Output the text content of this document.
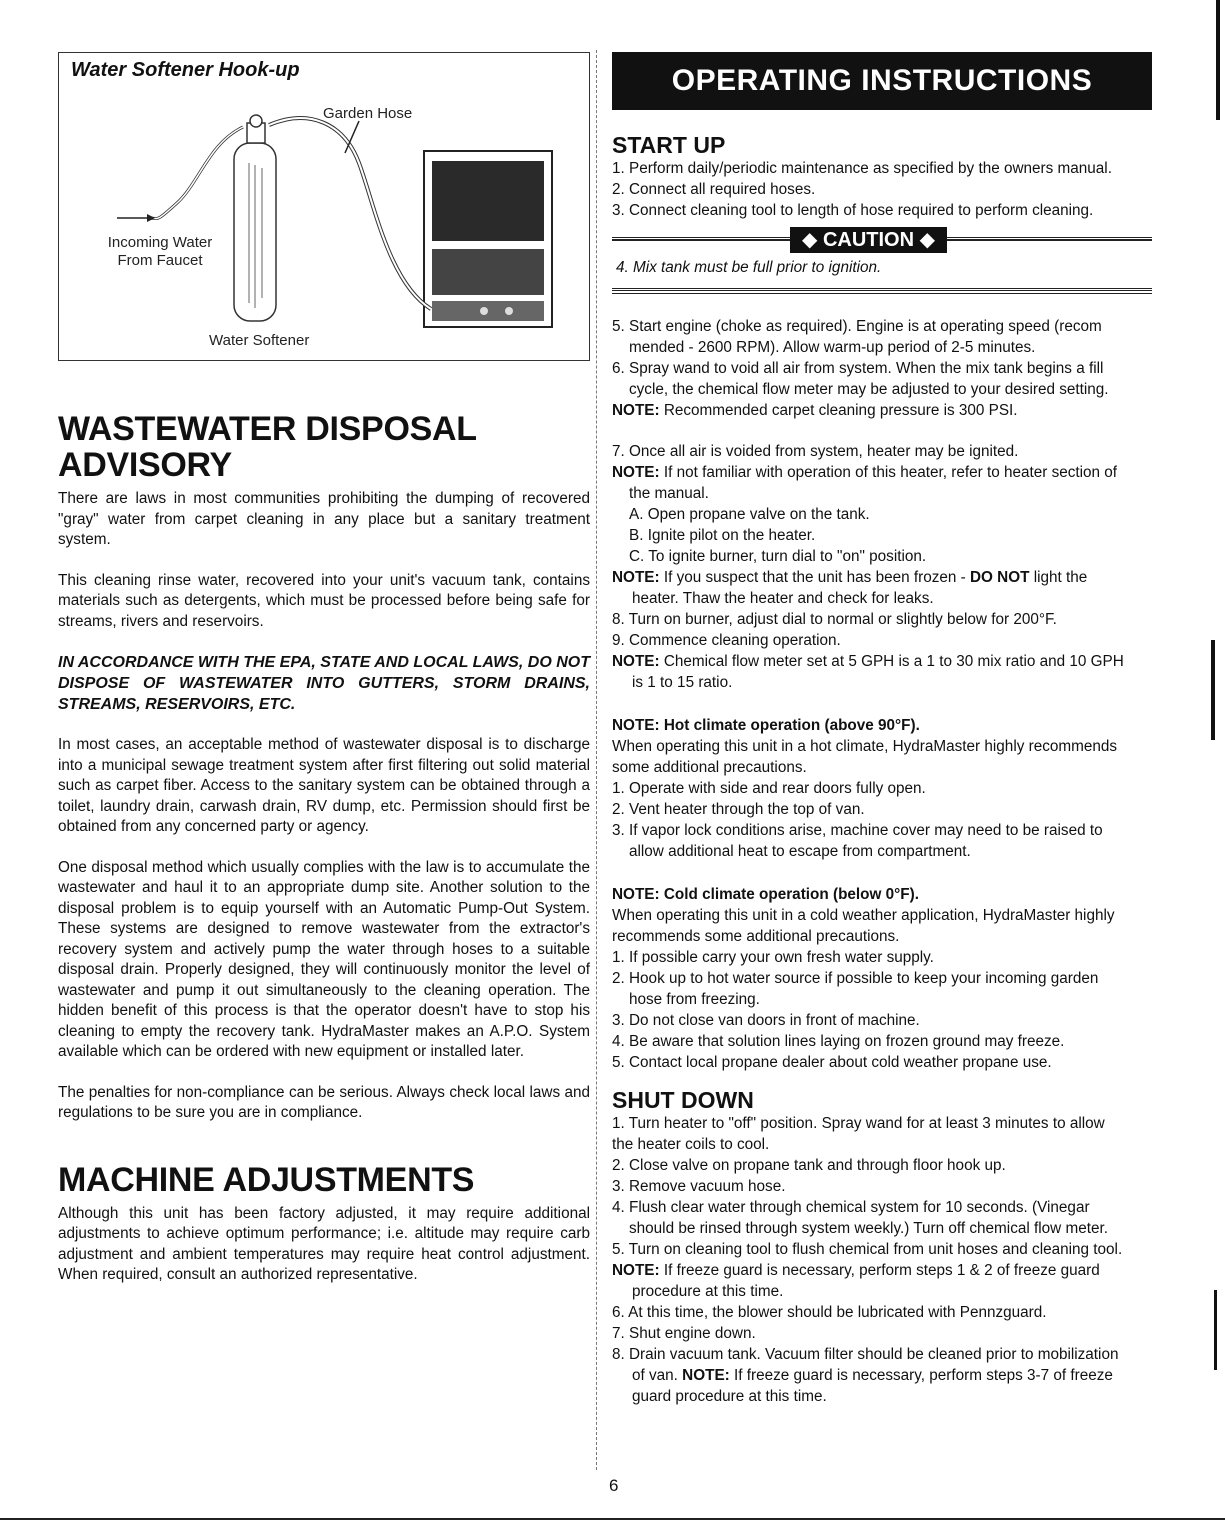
Water Softener Hook-up
Garden Hose
Incoming Water
From Faucet
Water Softener
WASTEWATER DISPOSAL
ADVISORY

There are laws in most communities prohibiting the dumping of recovered "gray" water from carpet cleaning in any place but a sanitary treatment system.

This cleaning rinse water, recovered into your unit's vacuum tank, contains materials such as detergents, which must be processed before being safe for streams, rivers and reservoirs.

IN ACCORDANCE WITH THE EPA, STATE AND LOCAL LAWS, DO NOT DISPOSE OF WASTEWATER INTO GUTTERS, STORM DRAINS, STREAMS, RESERVOIRS, ETC.

In most cases, an acceptable method of wastewater disposal is to discharge into a municipal sewage treatment system after first filtering out solid material such as carpet fiber. Access to the sanitary system can be obtained through a toilet, laundry drain, carwash drain, RV dump, etc. Permission should first be obtained from any concerned party or agency.

One disposal method which usually complies with the law is to accumulate the wastewater and haul it to an appropriate dump site. Another solution to the disposal problem is to equip yourself with an Automatic Pump-Out System. These systems are designed to remove wastewater from the extractor's recovery system and actively pump the water through hoses to a suitable disposal drain. Properly designed, they will continuously monitor the level of wastewater and pump it out simultaneously to the cleaning operation. The hidden benefit of this process is that the operator doesn't have to stop his cleaning to empty the recovery tank. HydraMaster makes an A.P.O. System available which can be ordered with new equipment or installed later.

The penalties for non-compliance can be serious. Always check local laws and regulations to be sure you are in compliance.

MACHINE ADJUSTMENTS

Although this unit has been factory adjusted, it may require additional adjustments to achieve optimum performance; i.e. altitude may require carb adjustment and ambient temperatures may require heat control adjustment. When required, consult an authorized representative.

OPERATING INSTRUCTIONS
START UP
1. Perform daily/periodic maintenance as specified by the owners manual.
2. Connect all required hoses.
3. Connect cleaning tool to length of hose required to perform cleaning.
◆ CAUTION ◆
4. Mix tank must be full prior to ignition.
5. Start engine (choke as required). Engine is at operating speed (recom
mended - 2600 RPM). Allow warm-up period of 2-5 minutes.
6. Spray wand to void all air from system. When the mix tank begins a fill
cycle, the chemical flow meter may be adjusted to your desired setting.
NOTE: Recommended carpet cleaning pressure is 300 PSI.
7. Once all air is voided from system, heater may be ignited.
NOTE: If not familiar with operation of this heater, refer to heater section of
the manual.
A. Open propane valve on the tank.
B. Ignite pilot on the heater.
C. To ignite burner, turn dial to "on" position.
NOTE: If you suspect that the unit has been frozen - DO NOT light the
heater. Thaw the heater and check for leaks.
8. Turn on burner, adjust dial to normal or slightly below for 200°F.
9. Commence cleaning operation.
NOTE: Chemical flow meter set at 5 GPH is a 1 to 30 mix ratio and 10 GPH
is 1 to 15 ratio.
NOTE: Hot climate operation (above 90°F).
When operating this unit in a hot climate, HydraMaster highly recommends
some additional precautions.
1. Operate with side and rear doors fully open.
2. Vent heater through the top of van.
3. If vapor lock conditions arise, machine cover may need to be raised to
allow additional heat to escape from compartment.
NOTE: Cold climate operation (below 0°F).
When operating this unit in a cold weather application, HydraMaster highly
recommends some additional precautions.
1. If possible carry your own fresh water supply.
2. Hook up to hot water source if possible to keep your incoming garden
hose from freezing.
3. Do not close van doors in front of machine.
4. Be aware that solution lines laying on frozen ground may freeze.
5. Contact local propane dealer about cold weather propane use.
SHUT DOWN
1. Turn heater to "off" position. Spray wand for at least 3 minutes to allow
the heater coils to cool.
2. Close valve on propane tank and through floor hook up.
3. Remove vacuum hose.
4. Flush clear water through chemical system for 10 seconds. (Vinegar
should be rinsed through system weekly.) Turn off chemical flow meter.
5. Turn on cleaning tool to flush chemical from unit hoses and cleaning tool.
NOTE: If freeze guard is necessary, perform steps 1 & 2 of freeze guard
procedure at this time.
6. At this time, the blower should be lubricated with Pennzguard.
7. Shut engine down.
8. Drain vacuum tank. Vacuum filter should be cleaned prior to mobilization
of van. NOTE: If freeze guard is necessary, perform steps 3-7 of freeze
guard procedure at this time.
6
